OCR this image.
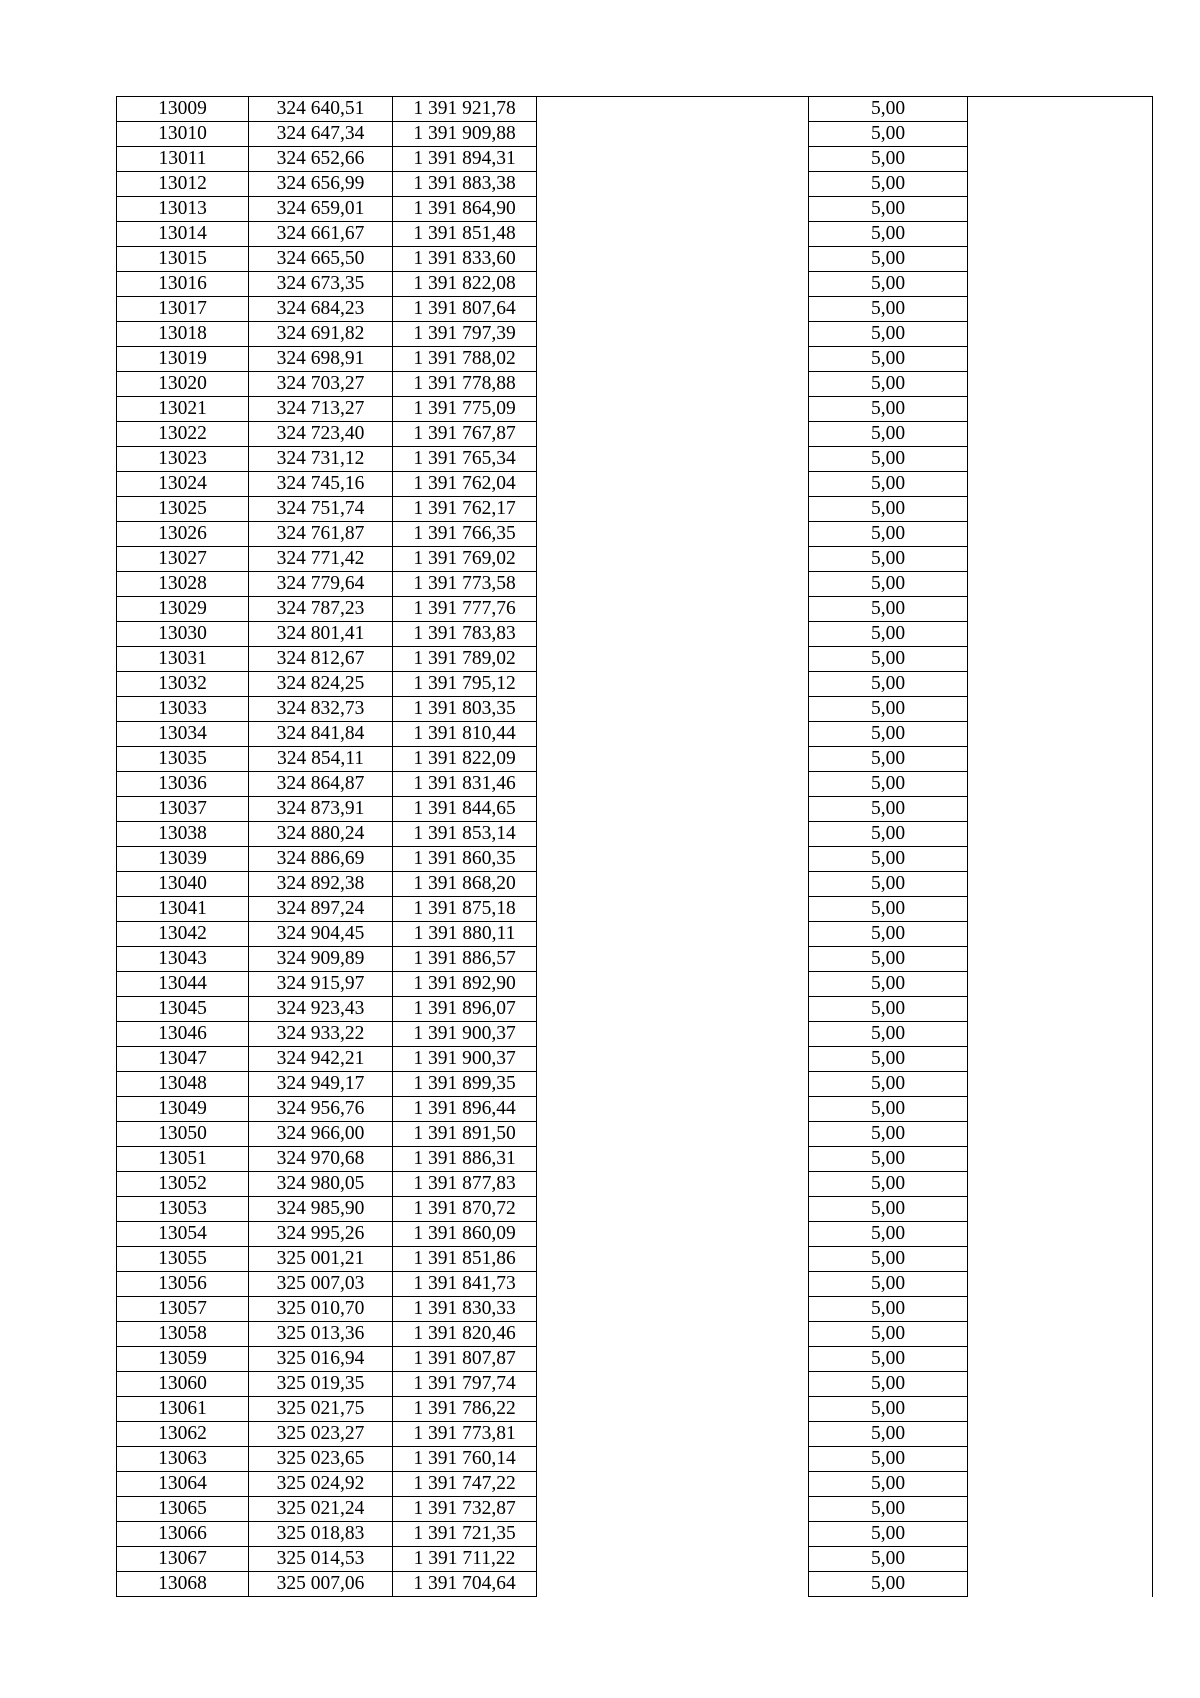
13009	324 640,51	1 391 921,78		5,00	
13010	324 647,34	1 391 909,88		5,00	
13011	324 652,66	1 391 894,31		5,00	
13012	324 656,99	1 391 883,38		5,00	
13013	324 659,01	1 391 864,90		5,00	
13014	324 661,67	1 391 851,48		5,00	
13015	324 665,50	1 391 833,60		5,00	
13016	324 673,35	1 391 822,08		5,00	
13017	324 684,23	1 391 807,64		5,00	
13018	324 691,82	1 391 797,39		5,00	
13019	324 698,91	1 391 788,02		5,00	
13020	324 703,27	1 391 778,88		5,00	
13021	324 713,27	1 391 775,09		5,00	
13022	324 723,40	1 391 767,87		5,00	
13023	324 731,12	1 391 765,34		5,00	
13024	324 745,16	1 391 762,04		5,00	
13025	324 751,74	1 391 762,17		5,00	
13026	324 761,87	1 391 766,35		5,00	
13027	324 771,42	1 391 769,02		5,00	
13028	324 779,64	1 391 773,58		5,00	
13029	324 787,23	1 391 777,76		5,00	
13030	324 801,41	1 391 783,83		5,00	
13031	324 812,67	1 391 789,02		5,00	
13032	324 824,25	1 391 795,12		5,00	
13033	324 832,73	1 391 803,35		5,00	
13034	324 841,84	1 391 810,44		5,00	
13035	324 854,11	1 391 822,09		5,00	
13036	324 864,87	1 391 831,46		5,00	
13037	324 873,91	1 391 844,65		5,00	
13038	324 880,24	1 391 853,14		5,00	
13039	324 886,69	1 391 860,35		5,00	
13040	324 892,38	1 391 868,20		5,00	
13041	324 897,24	1 391 875,18		5,00	
13042	324 904,45	1 391 880,11		5,00	
13043	324 909,89	1 391 886,57		5,00	
13044	324 915,97	1 391 892,90		5,00	
13045	324 923,43	1 391 896,07		5,00	
13046	324 933,22	1 391 900,37		5,00	
13047	324 942,21	1 391 900,37		5,00	
13048	324 949,17	1 391 899,35		5,00	
13049	324 956,76	1 391 896,44		5,00	
13050	324 966,00	1 391 891,50		5,00	
13051	324 970,68	1 391 886,31		5,00	
13052	324 980,05	1 391 877,83		5,00	
13053	324 985,90	1 391 870,72		5,00	
13054	324 995,26	1 391 860,09		5,00	
13055	325 001,21	1 391 851,86		5,00	
13056	325 007,03	1 391 841,73		5,00	
13057	325 010,70	1 391 830,33		5,00	
13058	325 013,36	1 391 820,46		5,00	
13059	325 016,94	1 391 807,87		5,00	
13060	325 019,35	1 391 797,74		5,00	
13061	325 021,75	1 391 786,22		5,00	
13062	325 023,27	1 391 773,81		5,00	
13063	325 023,65	1 391 760,14		5,00	
13064	325 024,92	1 391 747,22		5,00	
13065	325 021,24	1 391 732,87		5,00	
13066	325 018,83	1 391 721,35		5,00	
13067	325 014,53	1 391 711,22		5,00	
13068	325 007,06	1 391 704,64		5,00	
